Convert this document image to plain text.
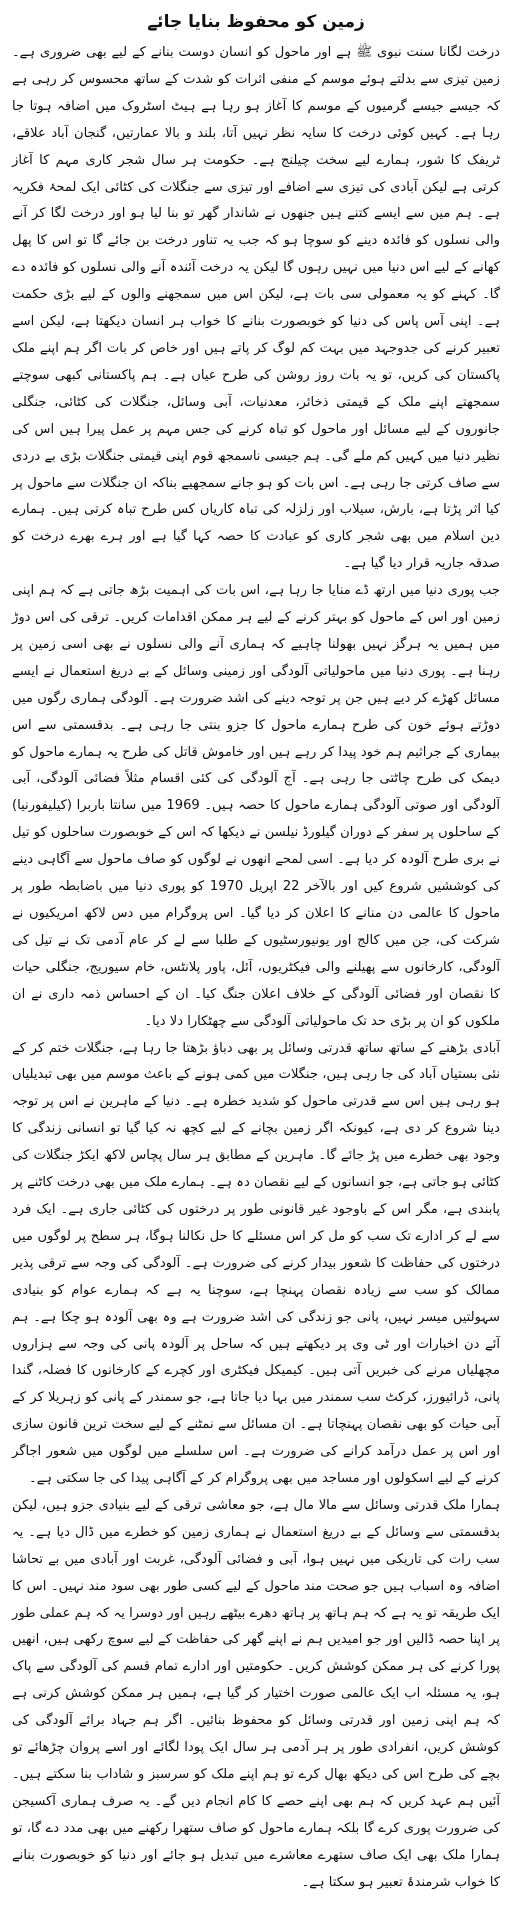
زمین کو محفوظ بنایا جائے

درخت لگانا سنت نبوی ﷺ ہے اور ماحول کو انسان دوست بنانے کے لیے بھی ضروری ہے۔ زمین تیزی سے بدلتے ہوئے موسم کے منفی اثرات کو شدت کے ساتھ محسوس کر رہی ہے کہ جیسے جیسے گرمیوں کے موسم کا آغاز ہو رہا ہے ہیٹ اسٹروک میں اضافہ ہوتا جا رہا ہے۔ کہیں کوئی درخت کا سایہ نظر نہیں آتا، بلند و بالا عمارتیں، گنجان آباد علاقے، ٹریفک کا شور، ہمارے لیے سخت چیلنج ہے۔ حکومت ہر سال شجر کاری مہم کا آغاز کرتی ہے لیکن آبادی کی تیزی سے اضافے اور تیزی سے جنگلات کی کٹائی ایک لمحۂ فکریہ ہے۔ ہم میں سے ایسے کتنے ہیں جنھوں نے شاندار گھر تو بنا لیا ہو اور درخت لگا کر آنے والی نسلوں کو فائدہ دینے کو سوچا ہو کہ جب یہ تناور درخت بن جائے گا تو اس کا پھل کھانے کے لیے اس دنیا میں نہیں رہوں گا لیکن یہ درخت آئندہ آنے والی نسلوں کو فائدہ دے گا۔ کہنے کو یہ معمولی سی بات ہے، لیکن اس میں سمجھنے والوں کے لیے بڑی حکمت ہے۔ اپنی آس پاس کی دنیا کو خوبصورت بنانے کا خواب ہر انسان دیکھتا ہے، لیکن اسے تعبیر کرنے کی جدوجہد میں بہت کم لوگ کر پاتے ہیں اور خاص کر بات اگر ہم اپنے ملک پاکستان کی کریں، تو یہ بات روز روشن کی طرح عیاں ہے۔ ہم پاکستانی کبھی سوچتے سمجھتے اپنے ملک کے قیمتی ذخائر، معدنیات، آبی وسائل، جنگلات کی کٹائی، جنگلی جانوروں کے لیے مسائل اور ماحول کو تباہ کرنے کی جس مہم پر عمل پیرا ہیں اس کی نظیر دنیا میں کہیں کم ملے گی۔ ہم جیسی ناسمجھ قوم اپنی قیمتی جنگلات بڑی بے دردی سے صاف کرتی جا رہی ہے۔ اس بات کو ہو جانے سمجھیے بناکہ ان جنگلات سے ماحول پر کیا اثر پڑتا ہے، بارش، سیلاب اور زلزلہ کی تباہ کاریاں کس طرح تباہ کرتی ہیں۔ ہمارے دین اسلام میں بھی شجر کاری کو عبادت کا حصہ کہا گیا ہے اور ہرے بھرے درخت کو صدقہ جاریہ قرار دیا گیا ہے۔

جب پوری دنیا میں ارتھ ڈے منایا جا رہا ہے، اس بات کی اہمیت بڑھ جاتی ہے کہ ہم اپنی زمین اور اس کے ماحول کو بہتر کرنے کے لیے ہر ممکن اقدامات کریں۔ ترقی کی اس دوڑ میں ہمیں یہ ہرگز نہیں بھولنا چاہیے کہ ہماری آنے والی نسلوں نے بھی اسی زمین پر رہنا ہے۔ پوری دنیا میں ماحولیاتی آلودگی اور زمینی وسائل کے بے دریغ استعمال نے ایسے مسائل کھڑے کر دیے ہیں جن پر توجہ دینے کی اشد ضرورت ہے۔ آلودگی ہماری رگوں میں دوڑتے ہوئے خون کی طرح ہمارے ماحول کا جزو بنتی جا رہی ہے۔ بدقسمتی سے اس بیماری کے جراثیم ہم خود پیدا کر رہے ہیں اور خاموش قاتل کی طرح یہ ہمارے ماحول کو دیمک کی طرح چاٹتی جا رہی ہے۔ آج آلودگی کی کئی اقسام مثلاً فضائی آلودگی، آبی آلودگی اور صوتی آلودگی ہمارے ماحول کا حصہ ہیں۔ 1969 میں سانتا باربرا (کیلیفورنیا) کے ساحلوں پر سفر کے دوران گیلورڈ نیلسن نے دیکھا کہ اس کے خوبصورت ساحلوں کو تیل نے بری طرح آلودہ کر دیا ہے۔ اسی لمحے انھوں نے لوگوں کو صاف ماحول سے آگاہی دینے کی کوششیں شروع کیں اور بالآخر 22 اپریل 1970 کو پوری دنیا میں باضابطہ طور پر ماحول کا عالمی دن منانے کا اعلان کر دیا گیا۔ اس پروگرام میں دس لاکھ امریکیوں نے شرکت کی، جن میں کالج اور یونیورسٹیوں کے طلبا سے لے کر عام آدمی تک نے تیل کی آلودگی، کارخانوں سے پھیلنے والی فیکٹریوں، آئل، پاور پلانٹس، خام سیوریج، جنگلی حیات کا نقصان اور فضائی آلودگی کے خلاف اعلان جنگ کیا۔ ان کے احساس ذمہ داری نے ان ملکوں کو ان پر بڑی حد تک ماحولیاتی آلودگی سے چھٹکارا دلا دیا۔

آبادی بڑھنے کے ساتھ ساتھ قدرتی وسائل پر بھی دباؤ بڑھتا جا رہا ہے، جنگلات ختم کر کے نئی بستیاں آباد کی جا رہی ہیں، جنگلات میں کمی ہونے کے باعث موسم میں بھی تبدیلیاں ہو رہی ہیں اس سے قدرتی ماحول کو شدید خطرہ ہے۔ دنیا کے ماہرین نے اس پر توجہ دینا شروع کر دی ہے، کیونکہ اگر زمین بچانے کے لیے کچھ نہ کیا گیا تو انسانی زندگی کا وجود بھی خطرے میں پڑ جائے گا۔ ماہرین کے مطابق ہر سال پچاس لاکھ ایکڑ جنگلات کی کٹائی ہو جاتی ہے، جو انسانوں کے لیے نقصان دہ ہے۔ ہمارے ملک میں بھی درخت کاٹنے پر پابندی ہے، مگر اس کے باوجود غیر قانونی طور پر درختوں کی کٹائی جاری ہے۔ ایک فرد سے لے کر ادارے تک سب کو مل کر اس مسئلے کا حل نکالنا ہوگا، ہر سطح پر لوگوں میں درختوں کی حفاظت کا شعور بیدار کرنے کی ضرورت ہے۔ آلودگی کی وجہ سے ترقی پذیر ممالک کو سب سے زیادہ نقصان پہنچا ہے، سوچنا یہ ہے کہ ہمارے عوام کو بنیادی سہولتیں میسر نہیں، پانی جو زندگی کی اشد ضرورت ہے وہ بھی آلودہ ہو چکا ہے۔ ہم آئے دن اخبارات اور ٹی وی پر دیکھتے ہیں کہ ساحل پر آلودہ پانی کی وجہ سے ہزاروں مچھلیاں مرنے کی خبریں آتی ہیں۔ کیمیکل فیکٹری اور کچرے کے کارخانوں کا فضلہ، گندا پانی، ڈرائیورز، کرکٹ سب سمندر میں بہا دیا جاتا ہے، جو سمندر کے پانی کو زہریلا کر کے آبی حیات کو بھی نقصان پہنچاتا ہے۔ ان مسائل سے نمٹنے کے لیے سخت ترین قانون سازی اور اس پر عمل درآمد کرانے کی ضرورت ہے۔ اس سلسلے میں لوگوں میں شعور اجاگر کرنے کے لیے اسکولوں اور مساجد میں بھی پروگرام کر کے آگاہی پیدا کی جا سکتی ہے۔

ہمارا ملک قدرتی وسائل سے مالا مال ہے، جو معاشی ترقی کے لیے بنیادی جزو ہیں، لیکن بدقسمتی سے وسائل کے بے دریغ استعمال نے ہماری زمین کو خطرے میں ڈال دیا ہے۔ یہ سب رات کی تاریکی میں نہیں ہوا، آبی و فضائی آلودگی، غربت اور آبادی میں بے تحاشا اضافہ وہ اسباب ہیں جو صحت مند ماحول کے لیے کسی طور بھی سود مند نہیں۔ اس کا ایک طریقہ تو یہ ہے کہ ہم ہاتھ پر ہاتھ دھرے بیٹھے رہیں اور دوسرا یہ کہ ہم عملی طور پر اپنا حصہ ڈالیں اور جو امیدیں ہم نے اپنے گھر کی حفاظت کے لیے سوچ رکھی ہیں، انھیں پورا کرنے کی ہر ممکن کوشش کریں۔ حکومتیں اور ادارے تمام قسم کی آلودگی سے پاک ہو، یہ مسئلہ اب ایک عالمی صورت اختیار کر گیا ہے، ہمیں ہر ممکن کوشش کرنی ہے کہ ہم اپنی زمین اور قدرتی وسائل کو محفوظ بنائیں۔ اگر ہم جہاد برائے آلودگی کی کوشش کریں، انفرادی طور پر ہر آدمی ہر سال ایک پودا لگائے اور اسے پروان چڑھائے تو بچے کی طرح اس کی دیکھ بھال کرے تو ہم اپنے ملک کو سرسبز و شاداب بنا سکتے ہیں۔ آئیں ہم عہد کریں کہ ہم بھی اپنے حصے کا کام انجام دیں گے۔ یہ صرف ہماری آکسیجن کی ضرورت پوری کرے گا بلکہ ہمارے ماحول کو صاف ستھرا رکھنے میں بھی مدد دے گا، تو ہمارا ملک بھی ایک صاف ستھرے معاشرے میں تبدیل ہو جائے اور دنیا کو خوبصورت بنانے کا خواب شرمندۂ تعبیر ہو سکتا ہے۔
